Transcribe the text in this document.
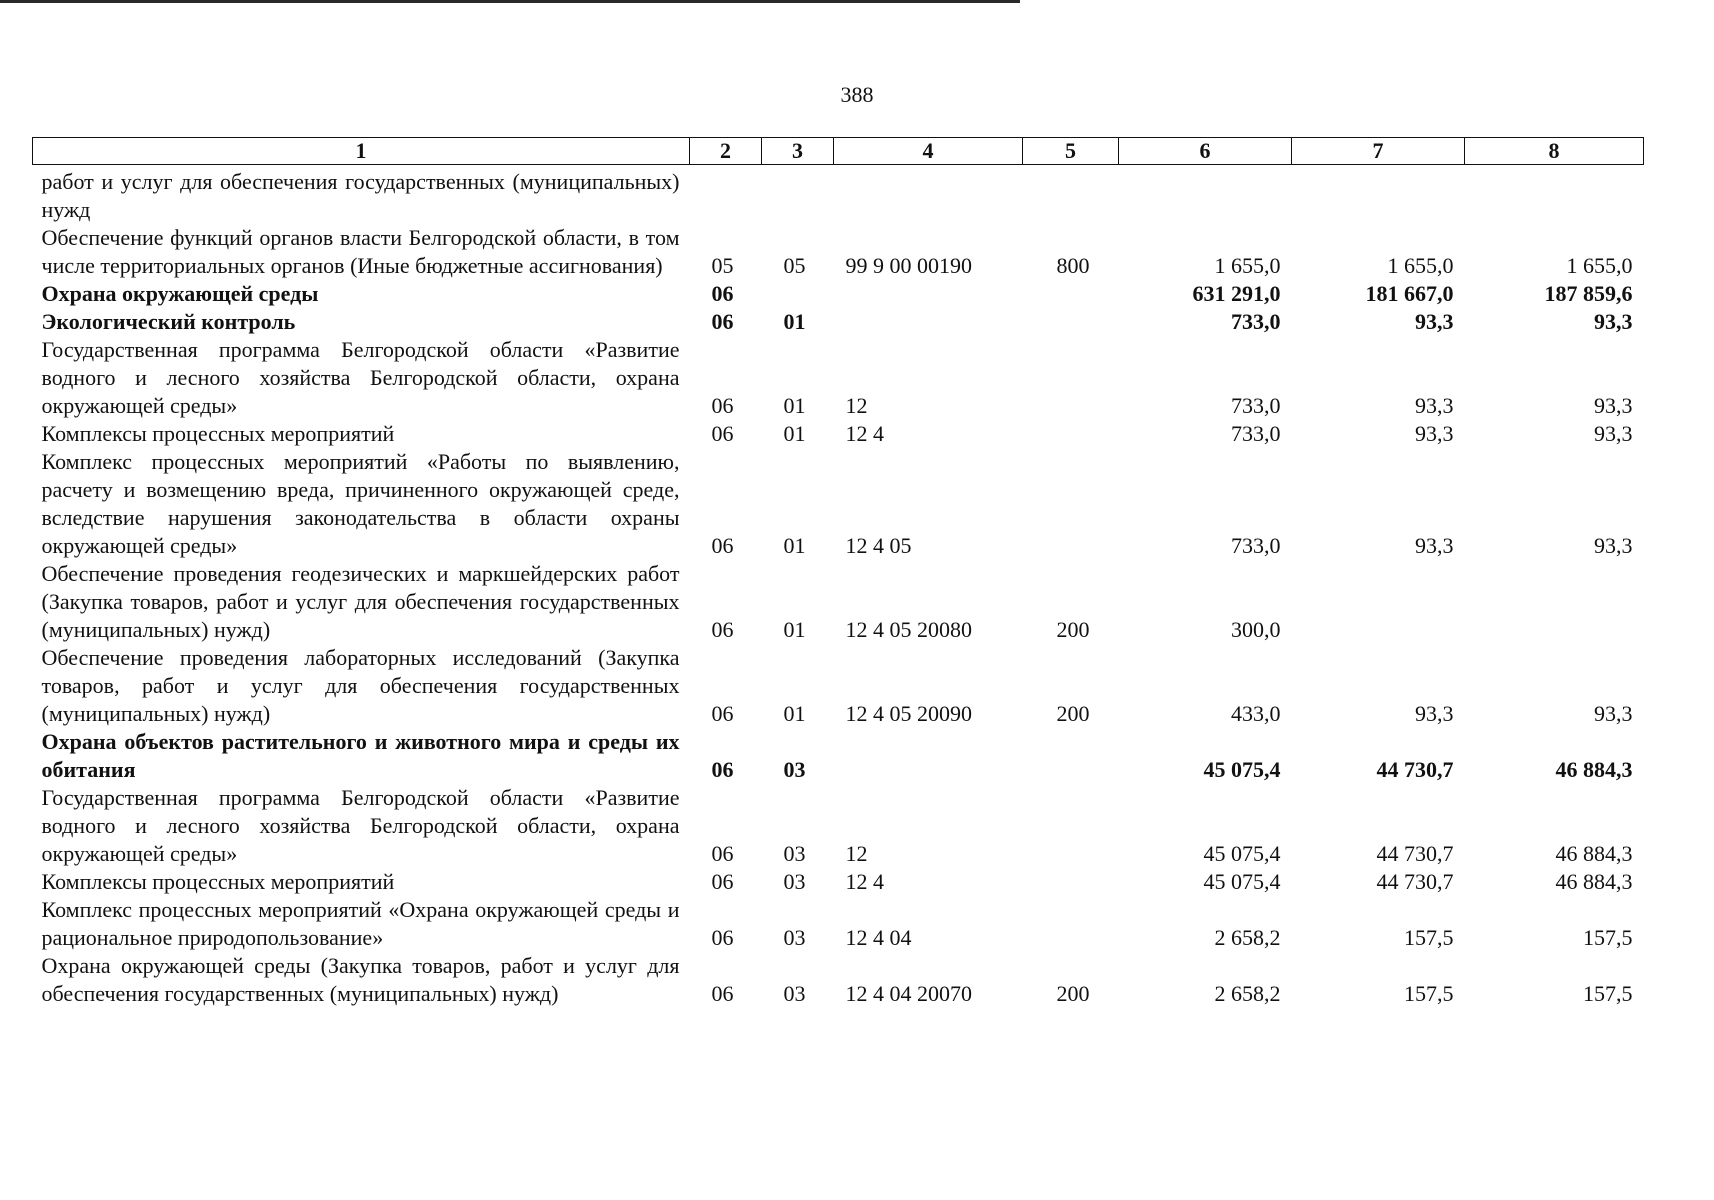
388
1	2	3	4	5	6	7	8
работ и услуг для обеспечения государственных (муниципальных) нужд							
Обеспечение функций органов власти Белгородской области, в том числе территориальных органов (Иные бюджетные ассигнования)	05	05	99 9 00 00190	800	1 655,0	1 655,0	1 655,0
Охрана окружающей среды	06				631 291,0	181 667,0	187 859,6
Экологический контроль	06	01			733,0	93,3	93,3
Государственная программа Белгородской области «Развитие водного и лесного хозяйства Белгородской области, охрана окружающей среды»	06	01	12		733,0	93,3	93,3
Комплексы процессных мероприятий	06	01	12 4		733,0	93,3	93,3
Комплекс процессных мероприятий «Работы по выявлению, расчету и возмещению вреда, причиненного окружающей среде, вследствие нарушения законодательства в области охраны окружающей среды»	06	01	12 4 05		733,0	93,3	93,3
Обеспечение проведения геодезических и маркшейдерских работ (Закупка товаров, работ и услуг для обеспечения государственных (муниципальных) нужд)	06	01	12 4 05 20080	200	300,0		
Обеспечение проведения лабораторных исследований (Закупка товаров, работ и услуг для обеспечения государственных (муниципальных) нужд)	06	01	12 4 05 20090	200	433,0	93,3	93,3
Охрана объектов растительного и животного мира и среды их обитания	06	03			45 075,4	44 730,7	46 884,3
Государственная программа Белгородской области «Развитие водного и лесного хозяйства Белгородской области, охрана окружающей среды»	06	03	12		45 075,4	44 730,7	46 884,3
Комплексы процессных мероприятий	06	03	12 4		45 075,4	44 730,7	46 884,3
Комплекс процессных мероприятий «Охрана окружающей среды и рациональное природопользование»	06	03	12 4 04		2 658,2	157,5	157,5
Охрана окружающей среды (Закупка товаров, работ и услуг для обеспечения государственных (муниципальных) нужд)	06	03	12 4 04 20070	200	2 658,2	157,5	157,5
